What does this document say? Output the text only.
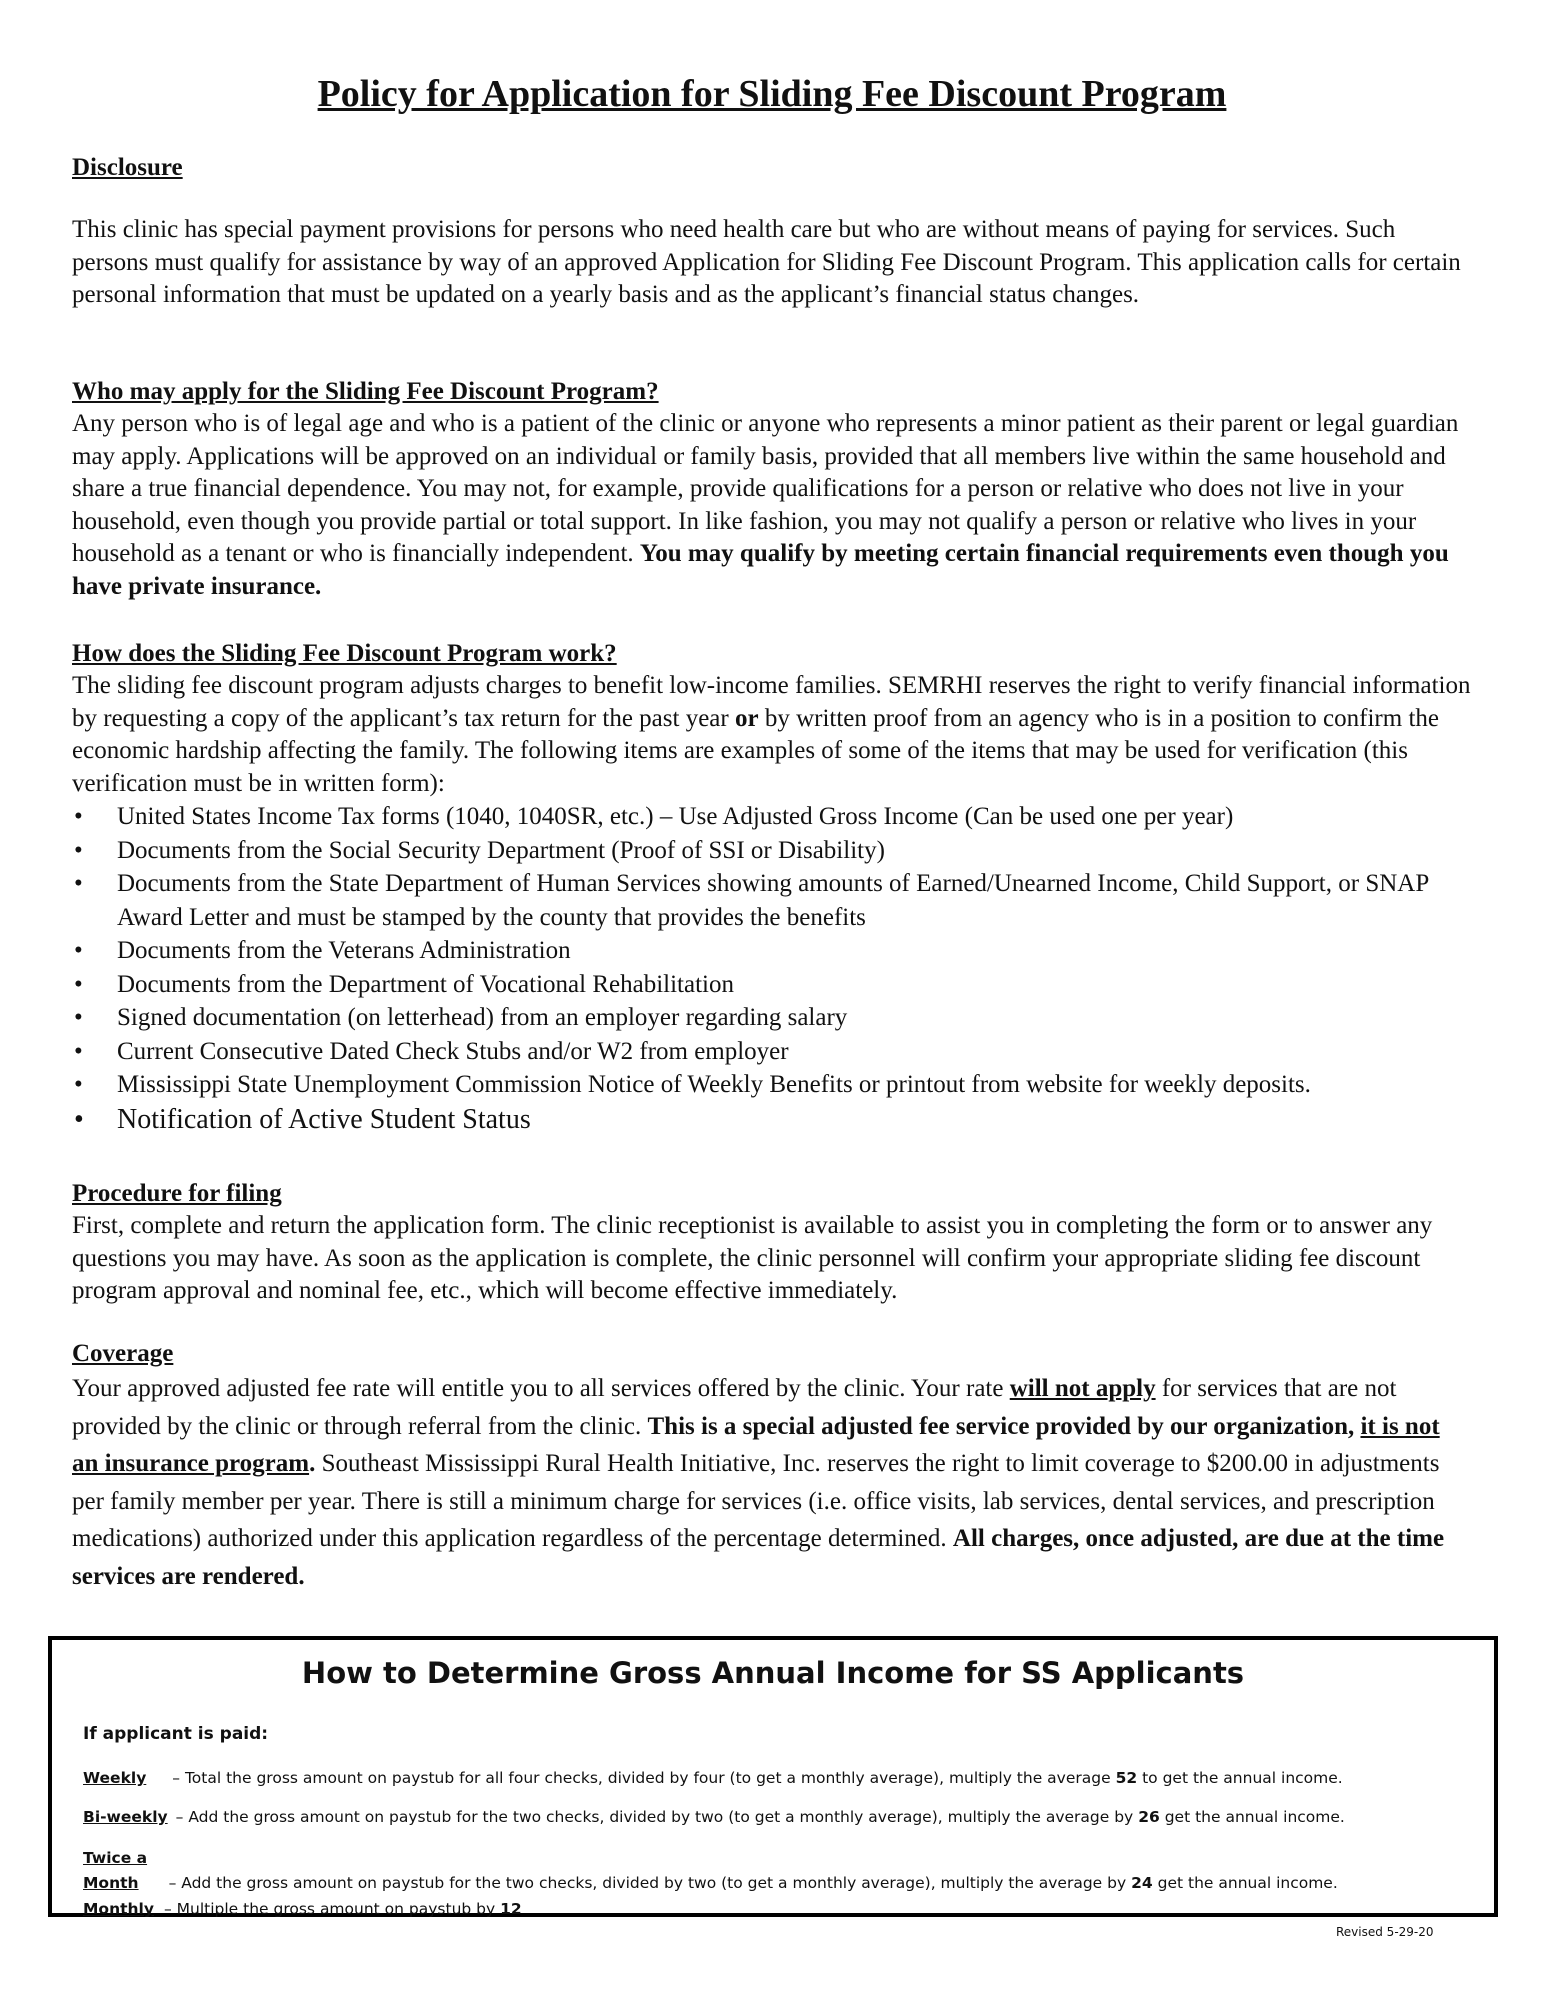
Policy for Application for Sliding Fee Discount Program

Disclosure

This clinic has special payment provisions for persons who need health care but who are without means of paying for services. Such persons must qualify for assistance by way of an approved Application for Sliding Fee Discount Program. This application calls for certain personal information that must be updated on a yearly basis and as the applicant’s financial status changes.

Who may apply for the Sliding Fee Discount Program?

Any person who is of legal age and who is a patient of the clinic or anyone who represents a minor patient as their parent or legal guardian may apply. Applications will be approved on an individual or family basis, provided that all members live within the same household and share a true financial dependence. You may not, for example, provide qualifications for a person or relative who does not live in your household, even though you provide partial or total support. In like fashion, you may not qualify a person or relative who lives in your household as a tenant or who is financially independent. You may qualify by meeting certain financial requirements even though you have private insurance.

How does the Sliding Fee Discount Program work?

The sliding fee discount program adjusts charges to benefit low-income families. SEMRHI reserves the right to verify financial information by requesting a copy of the applicant’s tax return for the past year or by written proof from an agency who is in a position to confirm the economic hardship affecting the family. The following items are examples of some of the items that may be used for verification (this verification must be in written form):

• United States Income Tax forms (1040, 1040SR, etc.) – Use Adjusted Gross Income (Can be used one per year)
• Documents from the Social Security Department (Proof of SSI or Disability)
• Documents from the State Department of Human Services showing amounts of Earned/Unearned Income, Child Support, or SNAP Award Letter and must be stamped by the county that provides the benefits
• Documents from the Veterans Administration
• Documents from the Department of Vocational Rehabilitation
• Signed documentation (on letterhead) from an employer regarding salary
• Current Consecutive Dated Check Stubs and/or W2 from employer
• Mississippi State Unemployment Commission Notice of Weekly Benefits or printout from website for weekly deposits.
• Notification of Active Student Status

Procedure for filing

First, complete and return the application form. The clinic receptionist is available to assist you in completing the form or to answer any questions you may have. As soon as the application is complete, the clinic personnel will confirm your appropriate sliding fee discount program approval and nominal fee, etc., which will become effective immediately.

Coverage

Your approved adjusted fee rate will entitle you to all services offered by the clinic. Your rate will not apply for services that are not provided by the clinic or through referral from the clinic. This is a special adjusted fee service provided by our organization, it is not an insurance program. Southeast Mississippi Rural Health Initiative, Inc. reserves the right to limit coverage to $200.00 in adjustments per family member per year. There is still a minimum charge for services (i.e. office visits, lab services, dental services, and prescription medications) authorized under this application regardless of the percentage determined. All charges, once adjusted, are due at the time services are rendered.

How to Determine Gross Annual Income for SS Applicants
If applicant is paid:
Weekly – Total the gross amount on paystub for all four checks, divided by four (to get a monthly average), multiply the average 52 to get the annual income.
Bi-weekly – Add the gross amount on paystub for the two checks, divided by two (to get a monthly average), multiply the average by 26 get the annual income.
Twice a
Month – Add the gross amount on paystub for the two checks, divided by two (to get a monthly average), multiply the average by 24 get the annual income.
Monthly – Multiple the gross amount on paystub by 12
Revised 5-29-20
